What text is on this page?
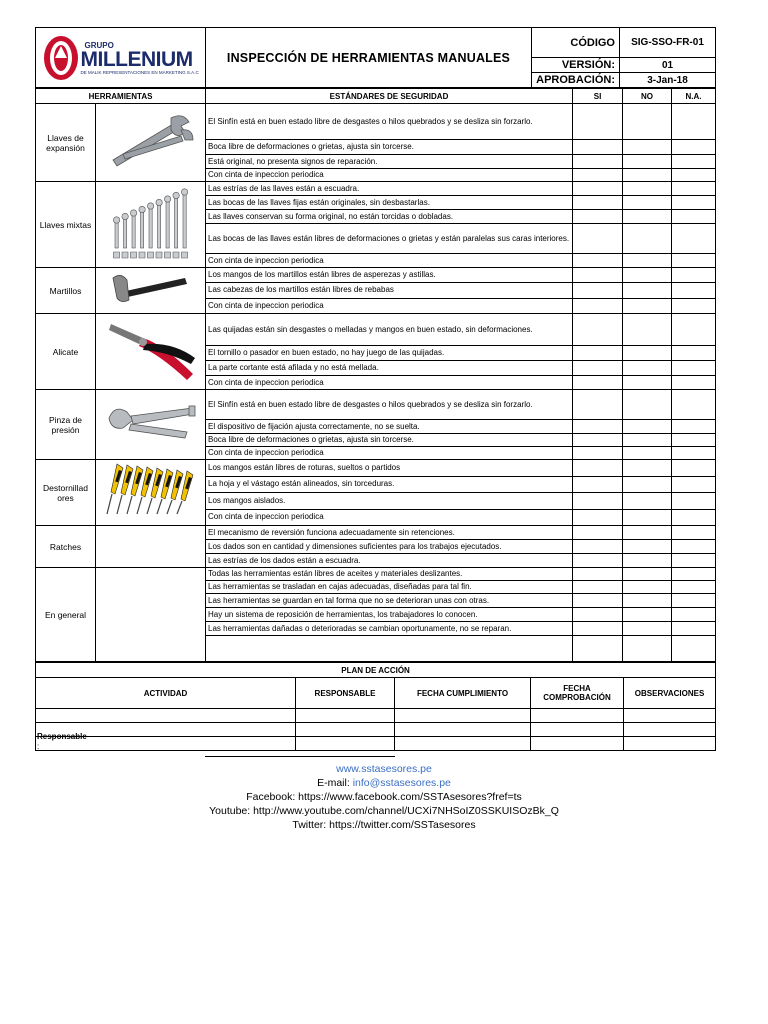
GRUPO
MILLENIUM
DE MALIK REPRESENTACIONES EN MARKETING S.A.C	INSPECCIÓN DE HERRAMIENTAS MANUALES	CÓDIGO	SIG-SSO-FR-01
		VERSIÓN:	01
		APROBACIÓN:	3-Jan-18
HERRAMIENTAS		ESTÁNDARES DE SEGURIDAD	SI	NO	N.A.
Llaves de expansión		El Sinfín está en buen estado libre de desgastes o hilos quebrados y se desliza sin forzarlo.			
		Boca libre de deformaciones o grietas, ajusta sin torcerse.			
		Está original, no presenta signos de reparación.			
		Con cinta de inpeccion periodica			
Llaves mixtas		Las estrías de las llaves están a escuadra.			
		Las bocas de las llaves fijas están originales, sin desbastarlas.			
		Las llaves conservan su forma original, no están torcidas o dobladas.			
		Las bocas de las llaves están libres de deformaciones o grietas y están paralelas sus caras interiores.			
		Con cinta de inpeccion periodica			
Martillos		Los mangos de los martillos están libres de asperezas y astillas.			
		Las cabezas de los martillos están libres de rebabas			
		Con cinta de inpeccion periodica			
Alicate		Las quijadas están sin desgastes o melladas y mangos en buen estado, sin deformaciones.			
		El tornillo o pasador en buen estado, no hay juego de las quijadas.			
		La parte cortante está afilada y no está mellada.			
		Con cinta de inpeccion periodica			
Pinza de presión		El Sinfín está en buen estado libre de desgastes o hilos quebrados y se desliza sin forzarlo.			
		El dispositivo de fijación ajusta correctamente, no se suelta.			
		Boca libre de deformaciones o grietas, ajusta sin torcerse.			
		Con cinta de inpeccion periodica			
Destornillad ores		Los mangos están libres de roturas, sueltos o partidos			
		La hoja y el vástago están alineados, sin torceduras.			
		Los mangos aislados.			
		Con cinta de inpeccion periodica			
Ratches		El mecanismo de reversión funciona adecuadamente sin retenciones.			
		Los dados son en cantidad y dimensiones suficientes para los trabajos ejecutados.			
		Las estrías de los dados están a escuadra.			
En general		Todas las herramientas están libres de aceites y materiales deslizantes.			
		Las herramientas se trasladan en cajas adecuadas, diseñadas para tal fin.			
		Las herramientas se guardan en tal forma que no se deterioran unas con otras.			
		Hay un sistema de reposición de herramientas, los trabajadores lo conocen.			
		Las herramientas dañadas o deterioradas se cambian oportunamente, no se reparan.			

PLAN DE ACCIÓN				
ACTIVIDAD	RESPONSABLE	FECHA CUMPLIMIENTO	FECHA COMPROBACIÓN	OBSERVACIONES

Responsable
:
www.sstasesores.pe
E-mail: info@sstasesores.pe
Facebook: https://www.facebook.com/SSTAsesores?fref=ts
Youtube: http://www.youtube.com/channel/UCXi7NHSoIZ0SSKUISOzBk_Q
Twitter: https://twitter.com/SSTasesores
